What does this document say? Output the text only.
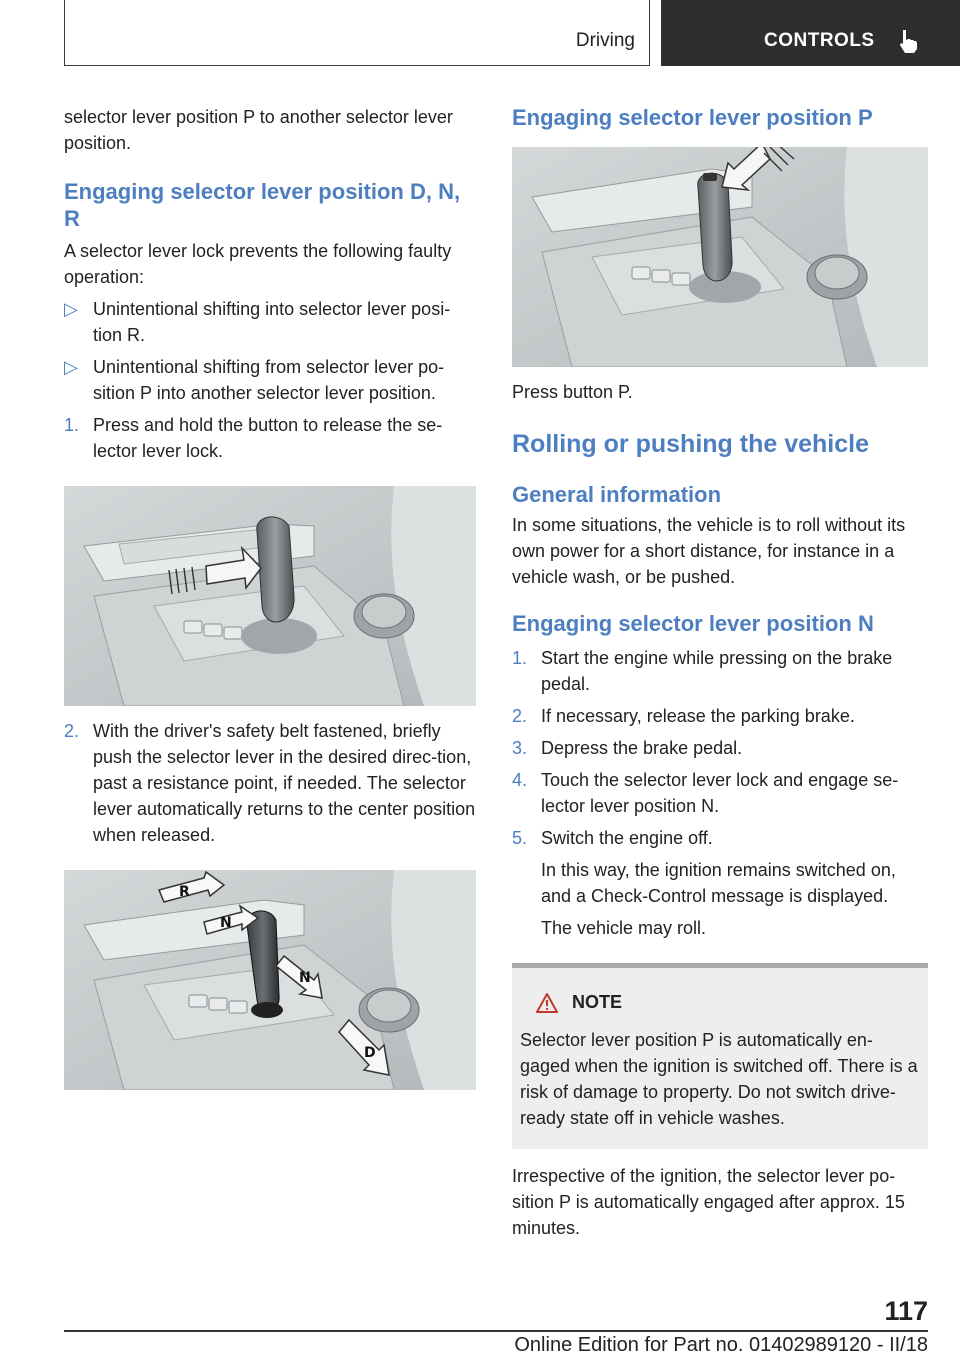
Driving	CONTROLS

selector lever position P to another selector lever position.

Engaging selector lever position D, N, R

A selector lever lock prevents the following faulty operation:

▷ Unintentional shifting into selector lever posi‐tion R.
▷ Unintentional shifting from selector lever po‐sition P into another selector lever position.
1. Press and hold the button to release the se‐lector lever lock.
2. With the driver's safety belt fastened, briefly push the selector lever in the desired direc‐tion, past a resistance point, if needed. The selector lever automatically returns to the center position when released.
R
N
N
D
Engaging selector lever position P

Press button P.

Rolling or pushing the vehicle
General information

In some situations, the vehicle is to roll without its own power for a short distance, for instance in a vehicle wash, or be pushed.

Engaging selector lever position N
1. Start the engine while pressing on the brake pedal.
2. If necessary, release the parking brake.
3. Depress the brake pedal.
4. Touch the selector lever lock and engage se‐lector lever position N.
5. Switch the engine off.

In this way, the ignition remains switched on, and a Check-Control message is displayed.

The vehicle may roll.

NOTE

Selector lever position P is automatically en‐gaged when the ignition is switched off. There is a risk of damage to property. Do not switch drive-ready state off in vehicle washes.

Irrespective of the ignition, the selector lever po‐sition P is automatically engaged after approx. 15 minutes.

117
Online Edition for Part no. 01402989120 - II/18
